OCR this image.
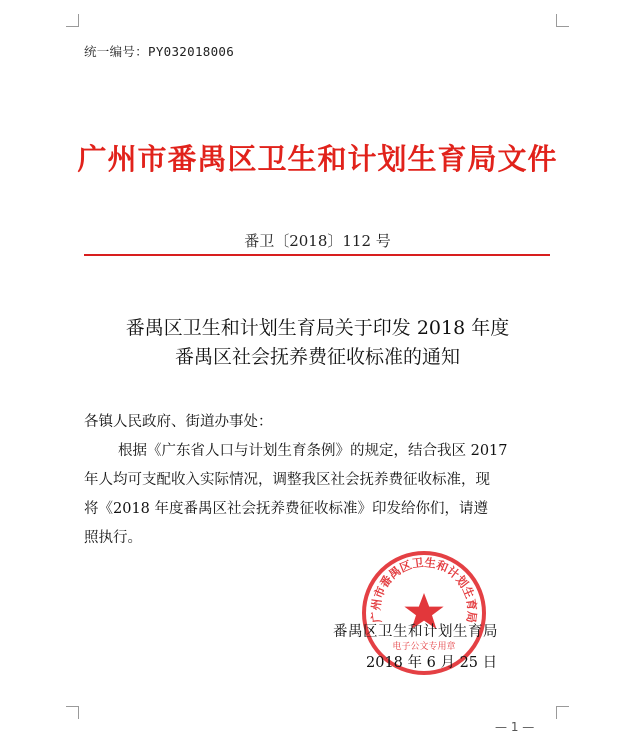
统一编号：PY032018006
广州市番禺区卫生和计划生育局文件
番卫〔2018〕112 号
番禺区卫生和计划生育局关于印发 2018 年度
番禺区社会抚养费征收标准的通知
各镇人民政府、街道办事处：
根据《广东省人口与计划生育条例》的规定，结合我区 2017
年人均可支配收入实际情况，调整我区社会抚养费征收标准，现
将《2018 年度番禺区社会抚养费征收标准》印发给你们，请遵
照执行。
广州市番禺区卫生和计划生育局
电子公文专用章
番禺区卫生和计划生育局
2018 年 6 月 25 日
— 1 —
